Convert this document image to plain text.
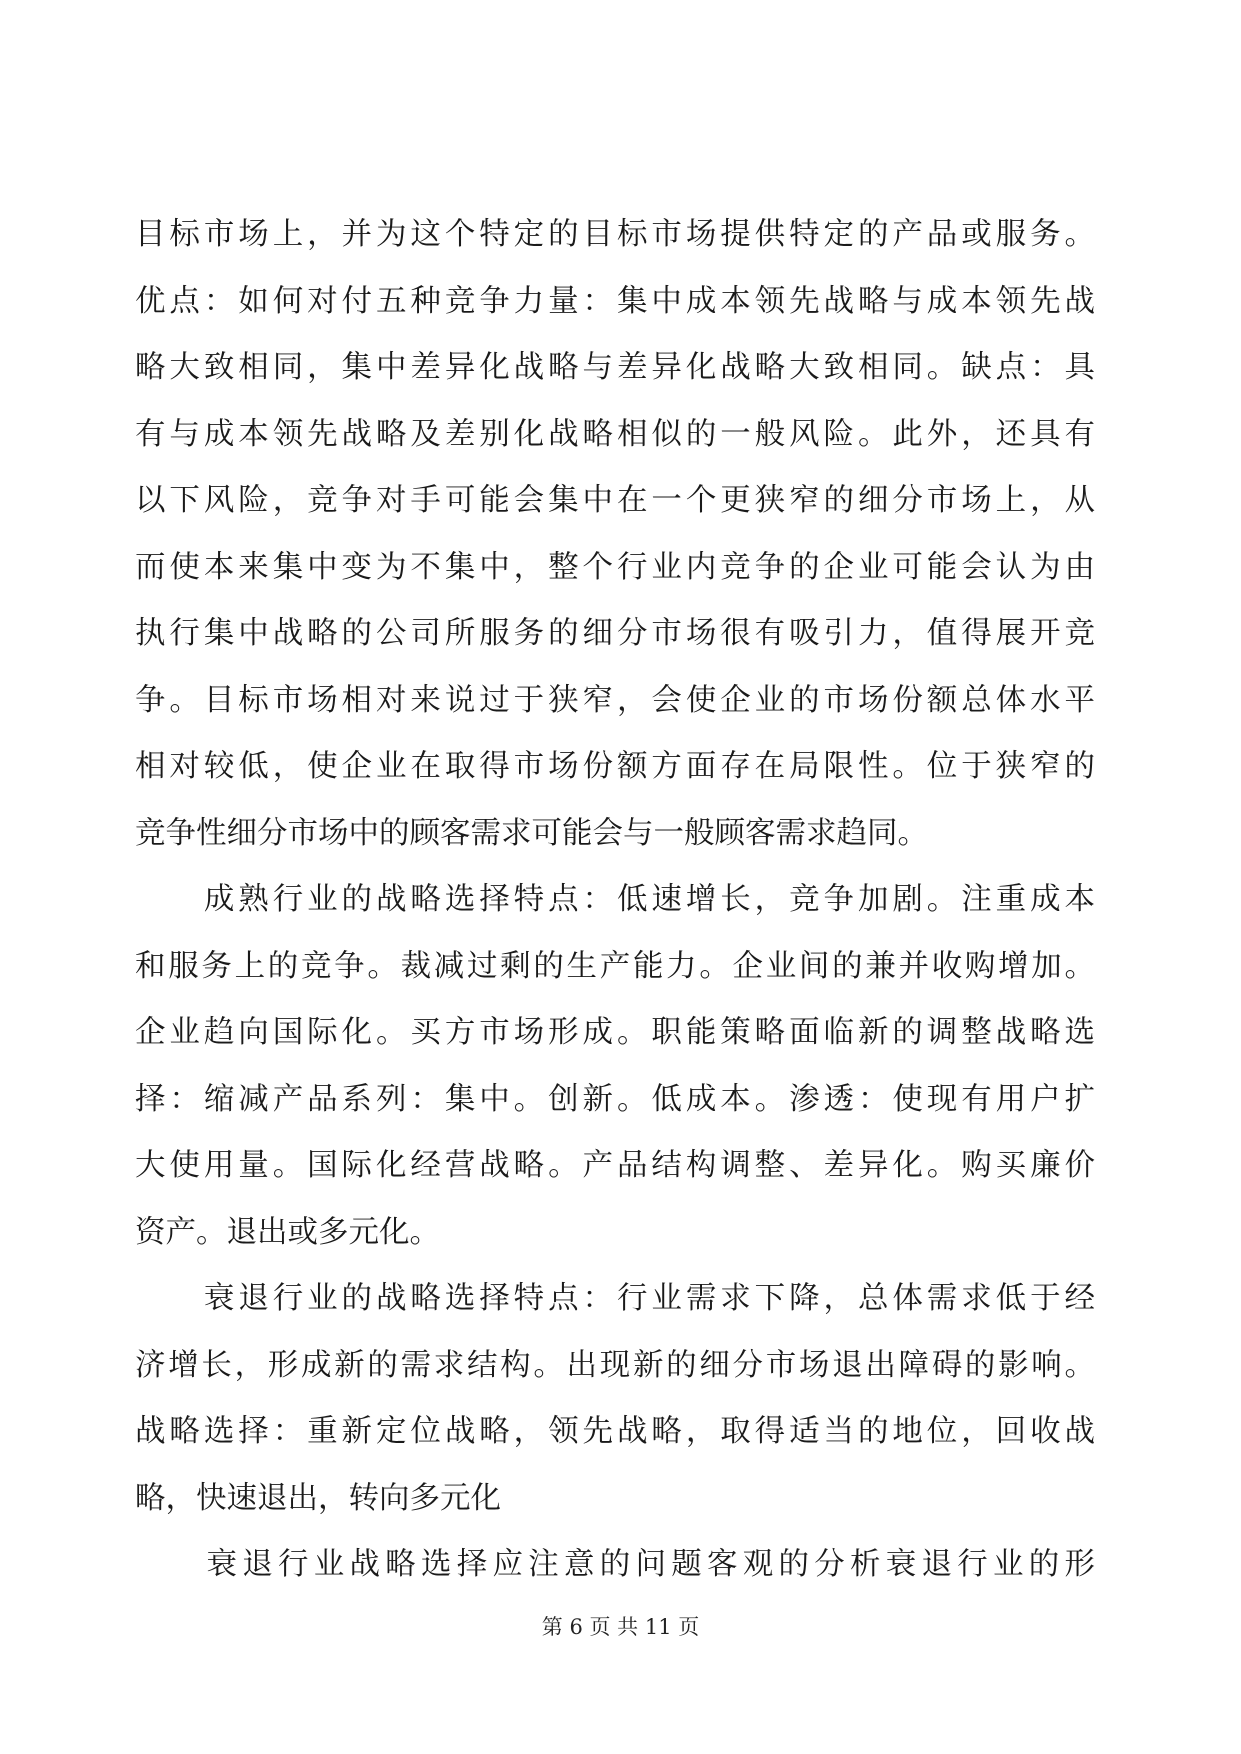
目标市场上，并为这个特定的目标市场提供特定的产品或服务。
优点：如何对付五种竞争力量：集中成本领先战略与成本领先战
略大致相同，集中差异化战略与差异化战略大致相同。缺点：具
有与成本领先战略及差别化战略相似的一般风险。此外，还具有
以下风险，竞争对手可能会集中在一个更狭窄的细分市场上，从
而使本来集中变为不集中，整个行业内竞争的企业可能会认为由
执行集中战略的公司所服务的细分市场很有吸引力，值得展开竞
争。目标市场相对来说过于狭窄，会使企业的市场份额总体水平
相对较低，使企业在取得市场份额方面存在局限性。位于狭窄的
竞争性细分市场中的顾客需求可能会与一般顾客需求趋同。
　　成熟行业的战略选择特点：低速增长，竞争加剧。注重成本
和服务上的竞争。裁减过剩的生产能力。企业间的兼并收购增加。
企业趋向国际化。买方市场形成。职能策略面临新的调整战略选
择：缩减产品系列：集中。创新。低成本。渗透：使现有用户扩
大使用量。国际化经营战略。产品结构调整、差异化。购买廉价
资产。退出或多元化。
　　衰退行业的战略选择特点：行业需求下降，总体需求低于经
济增长，形成新的需求结构。出现新的细分市场退出障碍的影响。
战略选择：重新定位战略，领先战略，取得适当的地位，回收战
略，快速退出，转向多元化
　　衰退行业战略选择应注意的问题客观的分析衰退行业的形
第 6 页 共 11 页
